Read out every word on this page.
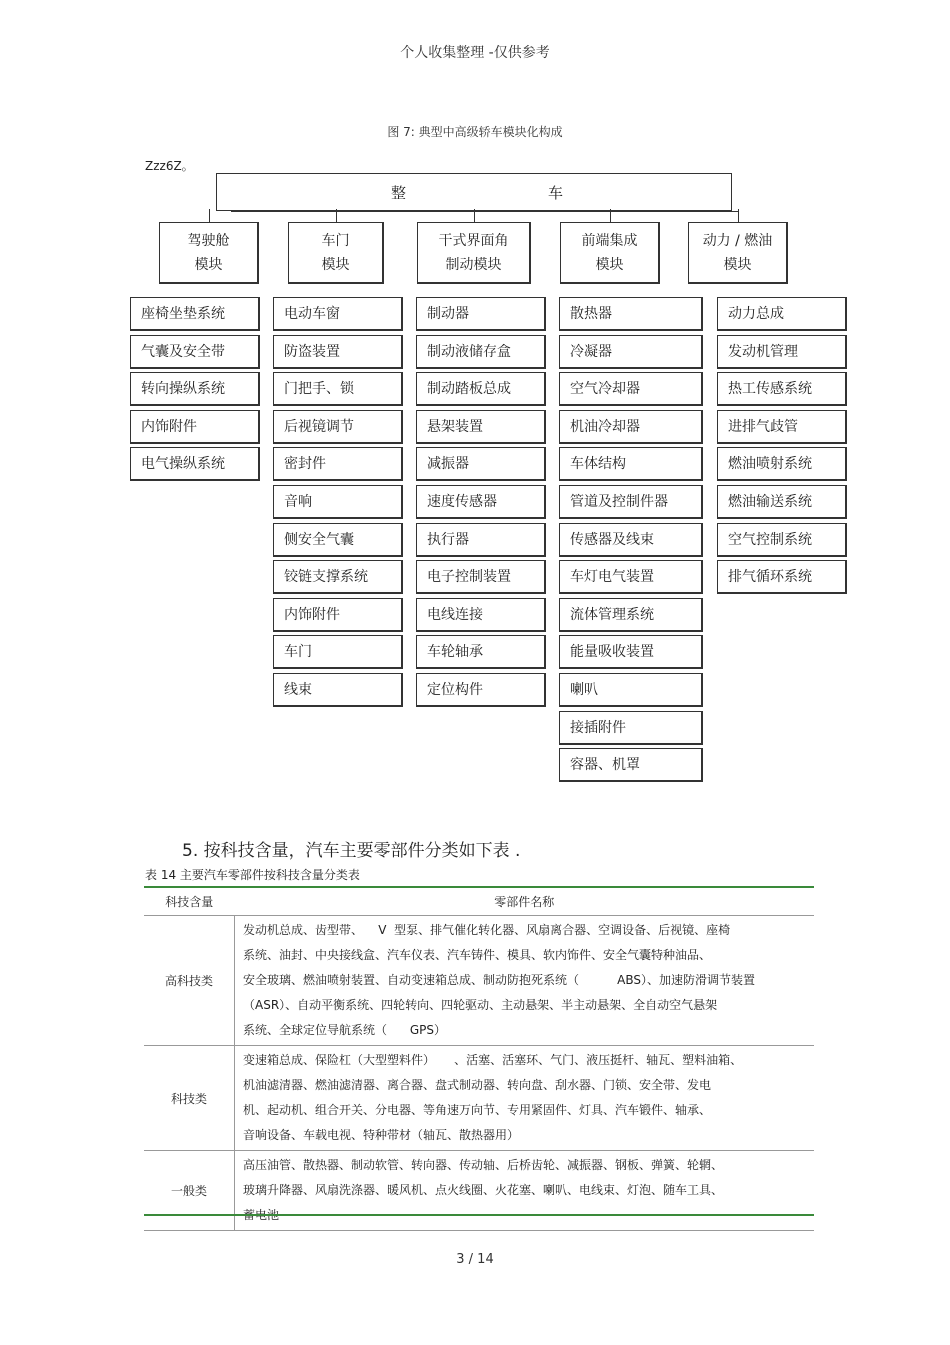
个人收集整理 -仅供参考
图 7: 典型中高级轿车模块化构成
Zzz6Z。
整	车
驾驶舱
模块
座椅坐垫系统
气囊及安全带
转向操纵系统
内饰附件
电气操纵系统
车门
模块
电动车窗
防盗装置
门把手、锁
后视镜调节
密封件
音响
侧安全气囊
铰链支撑系统
内饰附件
车门
线束
干式界面角
制动模块
制动器
制动液储存盒
制动踏板总成
悬架装置
减振器
速度传感器
执行器
电子控制装置
电线连接
车轮轴承
定位构件
前端集成
模块
散热器
冷凝器
空气冷却器
机油冷却器
车体结构
管道及控制件器
传感器及线束
车灯电气装置
流体管理系统
能量吸收装置
喇叭
接插附件
容器、机罩
动力 / 燃油
模块
动力总成
发动机管理
热工传感系统
进排气歧管
燃油喷射系统
燃油输送系统
空气控制系统
排气循环系统
5. 按科技含量，汽车主要零部件分类如下表 .
表 14 主要汽车零部件按科技含量分类表
科技含量	零部件名称
高科技类	发动机总成、齿型带、    V  型泵、排气催化转化器、风扇离合器、空调设备、后视镜、座椅
系统、油封、中央接线盒、汽车仪表、汽车铸件、模具、软内饰件、安全气囊特种油品、
安全玻璃、燃油喷射装置、自动变速箱总成、制动防抱死系统（          ABS）、加速防滑调节装置
（ASR）、自动平衡系统、四轮转向、四轮驱动、主动悬架、半主动悬架、全自动空气悬架
系统、全球定位导航系统（      GPS）

科技类	变速箱总成、保险杠（大型塑料件）     、活塞、活塞环、气门、液压挺杆、轴瓦、塑料油箱、
机油滤清器、燃油滤清器、离合器、盘式制动器、转向盘、刮水器、门锁、安全带、发电
机、起动机、组合开关、分电器、等角速万向节、专用紧固件、灯具、汽车锻件、轴承、
音响设备、车载电视、特种带材（轴瓦、散热器用）

一般类	高压油管、散热器、制动软管、转向器、传动轴、后桥齿轮、减振器、钢板、弹簧、轮辋、
玻璃升降器、风扇洗涤器、暖风机、点火线圈、火花塞、喇叭、电线束、灯泡、随车工具、
3 / 14
